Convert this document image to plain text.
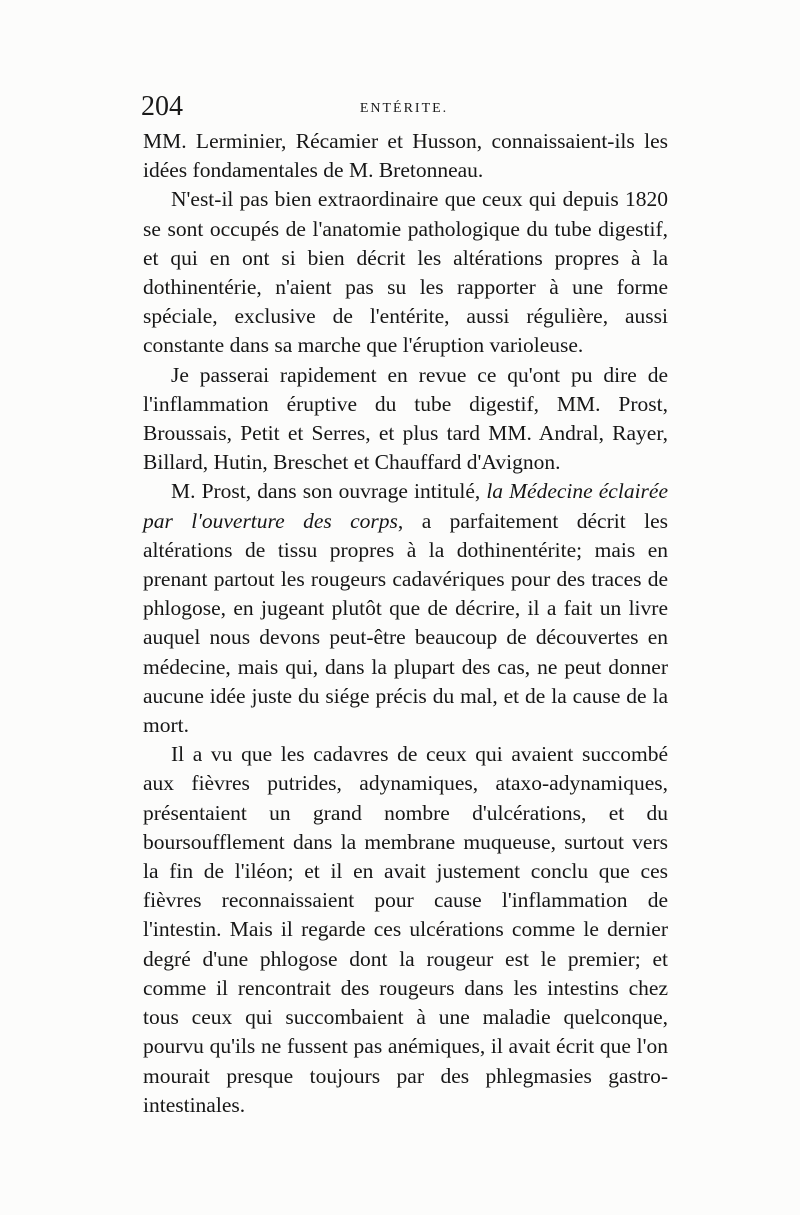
204	ENTÉRITE.

MM. Lerminier, Récamier et Husson, connaissaient-ils les idées fondamentales de M. Bretonneau.

N'est-il pas bien extraordinaire que ceux qui depuis 1820 se sont occupés de l'anatomie pathologique du tube digestif, et qui en ont si bien décrit les altérations propres à la dothinentérie, n'aient pas su les rapporter à une forme spéciale, exclusive de l'entérite, aussi régulière, aussi constante dans sa marche que l'éruption varioleuse.

Je passerai rapidement en revue ce qu'ont pu dire de l'inflammation éruptive du tube digestif, MM. Prost, Broussais, Petit et Serres, et plus tard MM. Andral, Rayer, Billard, Hutin, Breschet et Chauffard d'Avignon.

M. Prost, dans son ouvrage intitulé, la Médecine éclairée par l'ouverture des corps, a parfaitement décrit les altérations de tissu propres à la dothinentérite; mais en prenant partout les rougeurs cadavériques pour des traces de phlogose, en jugeant plutôt que de décrire, il a fait un livre auquel nous devons peut-être beaucoup de découvertes en médecine, mais qui, dans la plupart des cas, ne peut donner aucune idée juste du siége précis du mal, et de la cause de la mort.

Il a vu que les cadavres de ceux qui avaient succombé aux fièvres putrides, adynamiques, ataxo-adynamiques, présentaient un grand nombre d'ulcérations, et du boursoufflement dans la membrane muqueuse, surtout vers la fin de l'iléon; et il en avait justement conclu que ces fièvres reconnaissaient pour cause l'inflammation de l'intestin. Mais il regarde ces ulcérations comme le dernier degré d'une phlogose dont la rougeur est le premier; et comme il rencontrait des rougeurs dans les intestins chez tous ceux qui succombaient à une maladie quelconque, pourvu qu'ils ne fussent pas anémiques, il avait écrit que l'on mourait presque toujours par des phlegmasies gastro-intestinales.
